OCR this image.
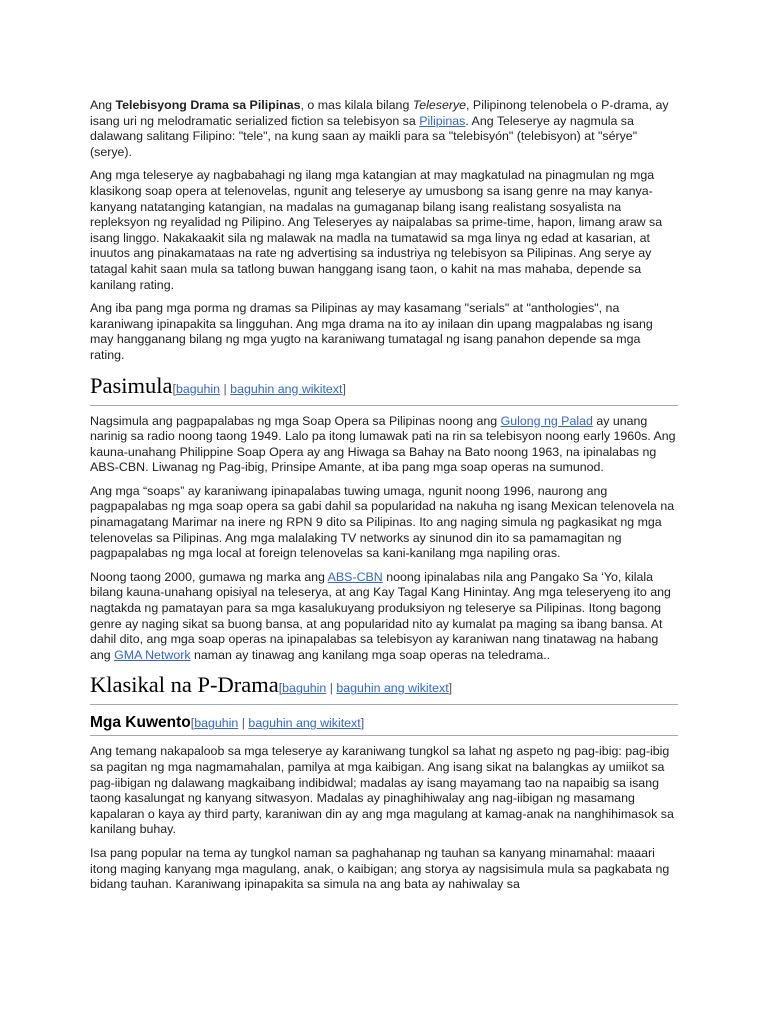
Ang Telebisyong Drama sa Pilipinas, o mas kilala bilang Teleserye, Pilipinong telenobela o P-drama, ay isang uri ng melodramatic serialized fiction sa telebisyon sa Pilipinas. Ang Teleserye ay nagmula sa dalawang salitang Filipino: "tele", na kung saan ay maikli para sa "telebisyón" (telebisyon) at "sérye" (serye).

Ang mga teleserye ay nagbabahagi ng ilang mga katangian at may magkatulad na pinagmulan ng mga klasikong soap opera at telenovelas, ngunit ang teleserye ay umusbong sa isang genre na may kanya-kanyang natatanging katangian, na madalas na gumaganap bilang isang realistang sosyalista na repleksyon ng reyalidad ng Pilipino. Ang Teleseryes ay naipalabas sa prime-time, hapon, limang araw sa isang linggo. Nakakaakit sila ng malawak na madla na tumatawid sa mga linya ng edad at kasarian, at inuutos ang pinakamataas na rate ng advertising sa industriya ng telebisyon sa Pilipinas. Ang serye ay tatagal kahit saan mula sa tatlong buwan hanggang isang taon, o kahit na mas mahaba, depende sa kanilang rating.

Ang iba pang mga porma ng dramas sa Pilipinas ay may kasamang "serials" at "anthologies", na karaniwang ipinapakita sa lingguhan. Ang mga drama na ito ay inilaan din upang magpalabas ng isang may hangganang bilang ng mga yugto na karaniwang tumatagal ng isang panahon depende sa mga rating.

Pasimula[baguhin | baguhin ang wikitext]

Nagsimula ang pagpapalabas ng mga Soap Opera sa Pilipinas noong ang Gulong ng Palad ay unang narinig sa radio noong taong 1949. Lalo pa itong lumawak pati na rin sa telebisyon noong early 1960s. Ang kauna-unahang Philippine Soap Opera ay ang Hiwaga sa Bahay na Bato noong 1963, na ipinalabas ng ABS-CBN. Liwanag ng Pag-ibig, Prinsipe Amante, at iba pang mga soap operas na sumunod.

Ang mga “soaps” ay karaniwang ipinapalabas tuwing umaga, ngunit noong 1996, naurong ang pagpapalabas ng mga soap opera sa gabi dahil sa popularidad na nakuha ng isang Mexican telenovela na pinamagatang Marimar na inere ng RPN 9 dito sa Pilipinas. Ito ang naging simula ng pagkasikat ng mga telenovelas sa Pilipinas. Ang mga malalaking TV networks ay sinunod din ito sa pamamagitan ng pagpapalabas ng mga local at foreign telenovelas sa kani-kanilang mga napiling oras.

Noong taong 2000, gumawa ng marka ang ABS-CBN noong ipinalabas nila ang Pangako Sa ‘Yo, kilala bilang kauna-unahang opisiyal na teleserya, at ang Kay Tagal Kang Hinintay. Ang mga teleseryeng ito ang nagtakda ng pamatayan para sa mga kasalukuyang produksiyon ng teleserye sa Pilipinas. Itong bagong genre ay naging sikat sa buong bansa, at ang popularidad nito ay kumalat pa maging sa ibang bansa. At dahil dito, ang mga soap operas na ipinapalabas sa telebisyon ay karaniwan nang tinatawag na habang ang GMA Network naman ay tinawag ang kanilang mga soap operas na teledrama..

Klasikal na P-Drama[baguhin | baguhin ang wikitext]
Mga Kuwento[baguhin | baguhin ang wikitext]

Ang temang nakapaloob sa mga teleserye ay karaniwang tungkol sa lahat ng aspeto ng pag-ibig: pag-ibig sa pagitan ng mga nagmamahalan, pamilya at mga kaibigan. Ang isang sikat na balangkas ay umiikot sa pag-iibigan ng dalawang magkaibang indibidwal; madalas ay isang mayamang tao na napaibig sa isang taong kasalungat ng kanyang sitwasyon. Madalas ay pinaghihiwalay ang nag-iibigan ng masamang kapalaran o kaya ay third party, karaniwan din ay ang mga magulang at kamag-anak na nanghihimasok sa kanilang buhay.

Isa pang popular na tema ay tungkol naman sa paghahanap ng tauhan sa kanyang minamahal: maaari itong maging kanyang mga magulang, anak, o kaibigan; ang storya ay nagsisimula mula sa pagkabata ng bidang tauhan. Karaniwang ipinapakita sa simula na ang bata ay nahiwalay sa
